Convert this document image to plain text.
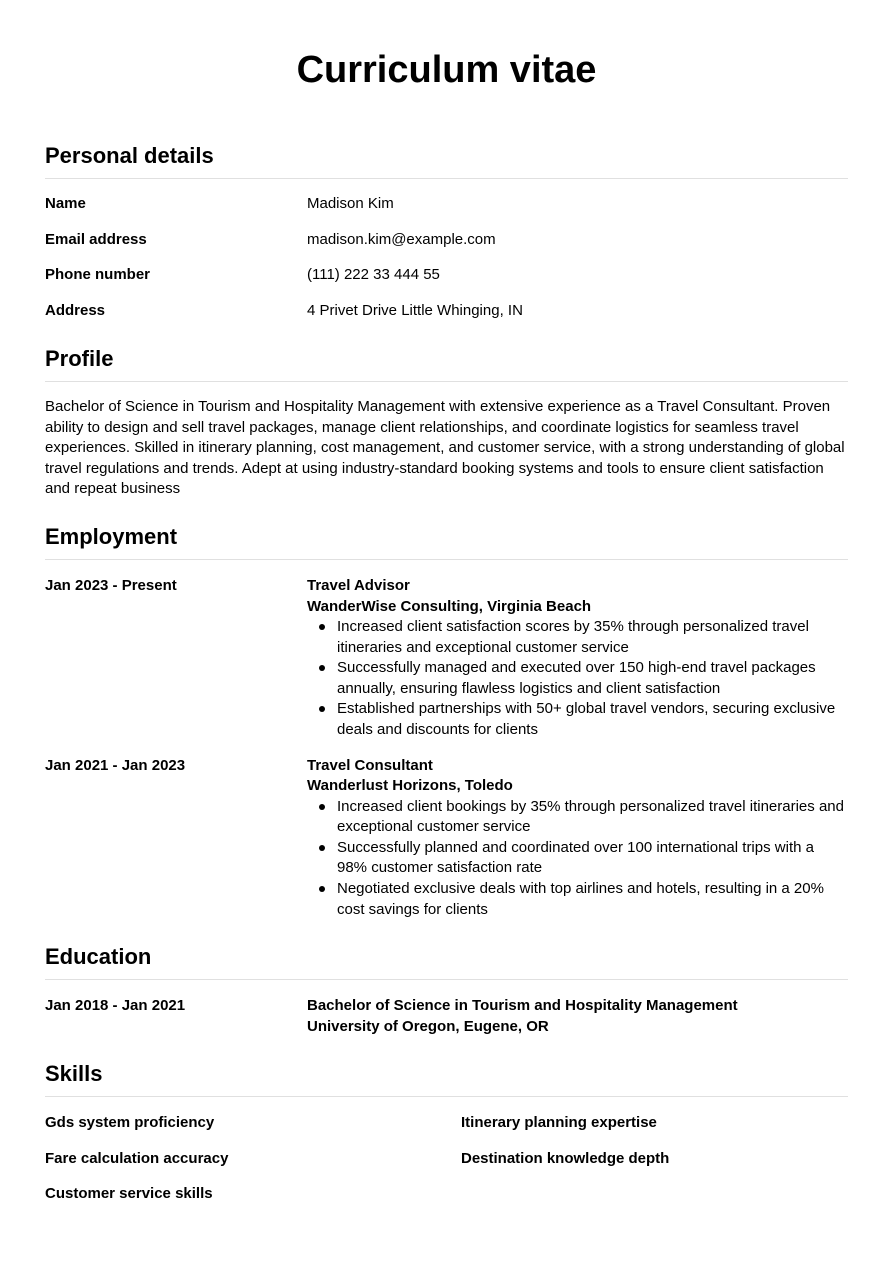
Curriculum vitae
Personal details
Name	Madison Kim
Email address	madison.kim@example.com
Phone number	(111) 222 33 444 55
Address	4 Privet Drive Little Whinging, IN
Profile
Bachelor of Science in Tourism and Hospitality Management with extensive experience as a Travel Consultant. Proven ability to design and sell travel packages, manage client relationships, and coordinate logistics for seamless travel experiences. Skilled in itinerary planning, cost management, and customer service, with a strong understanding of global travel regulations and trends. Adept at using industry-standard booking systems and tools to ensure client satisfaction and repeat business
Employment
Jan 2023 - Present	Travel Advisor
WanderWise Consulting, Virginia Beach
Increased client satisfaction scores by 35% through personalized travel itineraries and exceptional customer service
Successfully managed and executed over 150 high-end travel packages annually, ensuring flawless logistics and client satisfaction
Established partnerships with 50+ global travel vendors, securing exclusive deals and discounts for clients
Jan 2021 - Jan 2023	Travel Consultant
Wanderlust Horizons, Toledo
Increased client bookings by 35% through personalized travel itineraries and exceptional customer service
Successfully planned and coordinated over 100 international trips with a 98% customer satisfaction rate
Negotiated exclusive deals with top airlines and hotels, resulting in a 20% cost savings for clients
Education
Jan 2018 - Jan 2021	Bachelor of Science in Tourism and Hospitality Management
University of Oregon, Eugene, OR
Skills
Gds system proficiency	Itinerary planning expertise
Fare calculation accuracy	Destination knowledge depth
Customer service skills
